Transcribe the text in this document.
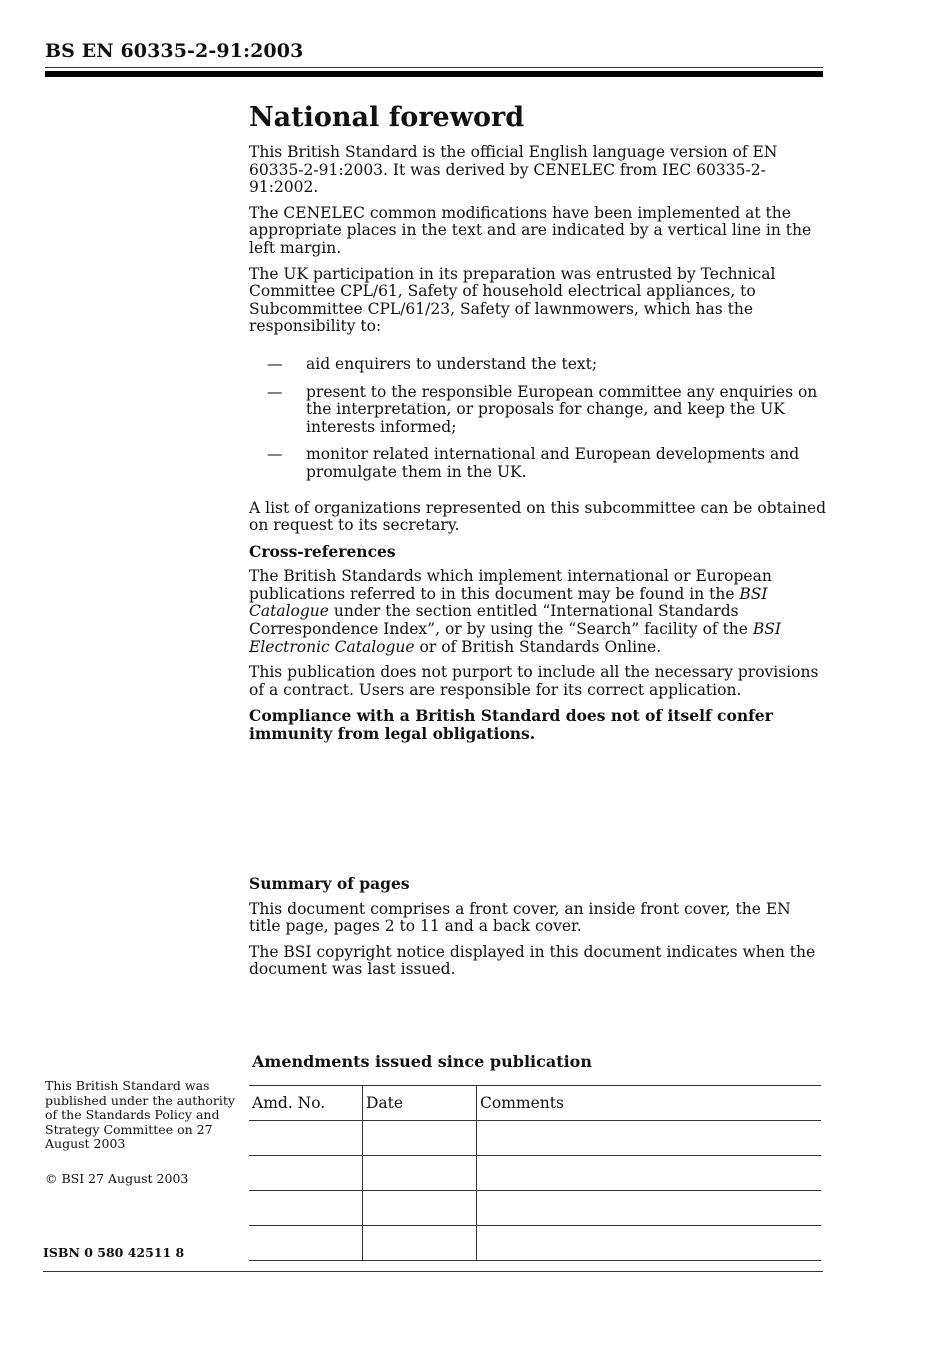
BS EN 60335-2-91:2003
National foreword

This British Standard is the official English language version of EN 60335-2-91:2003. It was derived by CENELEC from IEC 60335-2-91:2002.

The CENELEC common modifications have been implemented at the appropriate places in the text and are indicated by a vertical line in the left margin.

The UK participation in its preparation was entrusted by Technical Committee CPL/61, Safety of household electrical appliances, to Subcommittee CPL/61/23, Safety of lawnmowers, which has the responsibility to:

— aid enquirers to understand the text;
— present to the responsible European committee any enquiries on the interpretation, or proposals for change, and keep the UK interests informed;
— monitor related international and European developments and promulgate them in the UK.

A list of organizations represented on this subcommittee can be obtained on request to its secretary.

Cross-references

The British Standards which implement international or European publications referred to in this document may be found in the BSI Catalogue under the section entitled “International Standards Correspondence Index”, or by using the “Search” facility of the BSI Electronic Catalogue or of British Standards Online.

This publication does not purport to include all the necessary provisions of a contract. Users are responsible for its correct application.

Compliance with a British Standard does not of itself confer immunity from legal obligations.

Summary of pages

This document comprises a front cover, an inside front cover, the EN title page, pages 2 to 11 and a back cover.

The BSI copyright notice displayed in this document indicates when the document was last issued.

This British Standard was published under the authority of the Standards Policy and Strategy Committee on 27 August 2003
© BSI 27 August 2003
ISBN 0 580 42511 8
Amendments issued since publication
Amd. No.	Date	Comments
